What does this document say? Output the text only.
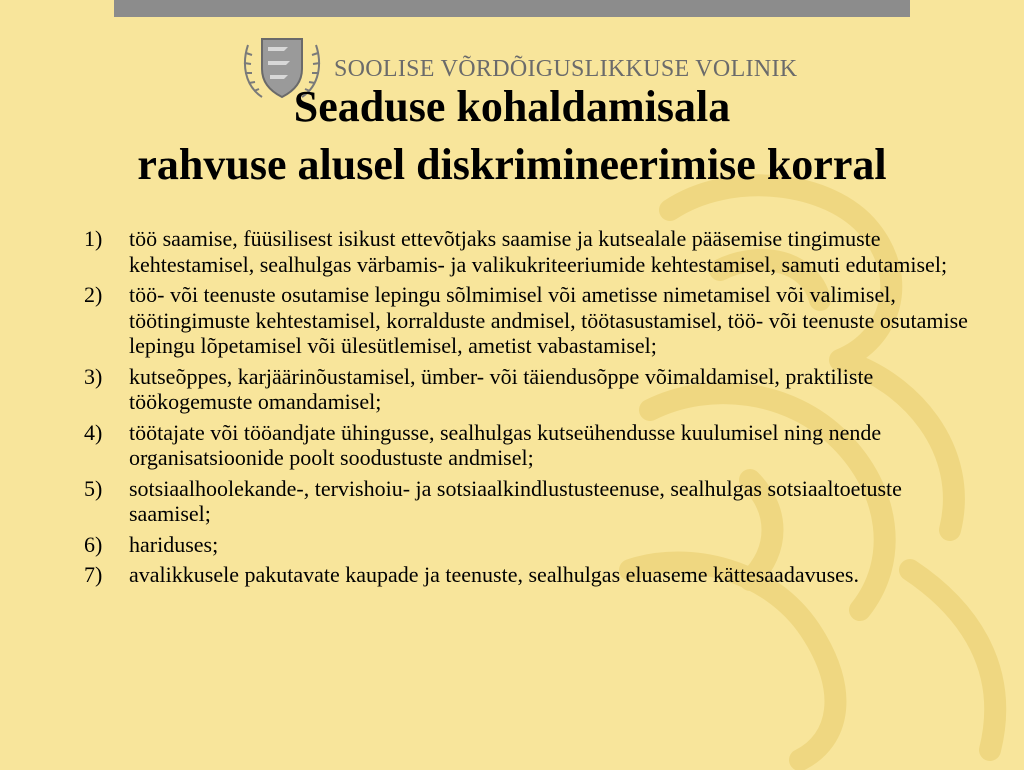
SOOLISE VÕRDÕIGUSLIKKUSE VOLINIK
Seaduse kohaldamisala
rahvuse alusel diskrimineerimise korral
1)	töö saamise, füüsilisest isikust ettevõtjaks saamise ja kutsealale pääsemise tingimuste kehtestamisel, sealhulgas värbamis- ja valikukriteeriumide kehtestamisel, samuti edutamisel;
2)	töö- või teenuste osutamise lepingu sõlmimisel või ametisse nimetamisel või valimisel, töötingimuste kehtestamisel, korralduste andmisel, töötasustamisel, töö- või teenuste osutamise lepingu lõpetamisel või ülesütlemisel, ametist vabastamisel;
3)	kutseõppes, karjäärinõustamisel, ümber- või täiendusõppe võimaldamisel, praktiliste töökogemuste omandamisel;
4)	töötajate või tööandjate ühingusse, sealhulgas kutseühendusse kuulumisel ning nende organisatsioonide poolt soodustuste andmisel;
5)	sotsiaalhoolekande-, tervishoiu- ja sotsiaalkindlustusteenuse, sealhulgas sotsiaaltoetuste saamisel;
6)	hariduses;
7)	avalikkusele pakutavate kaupade ja teenuste, sealhulgas eluaseme kättesaadavuses.
